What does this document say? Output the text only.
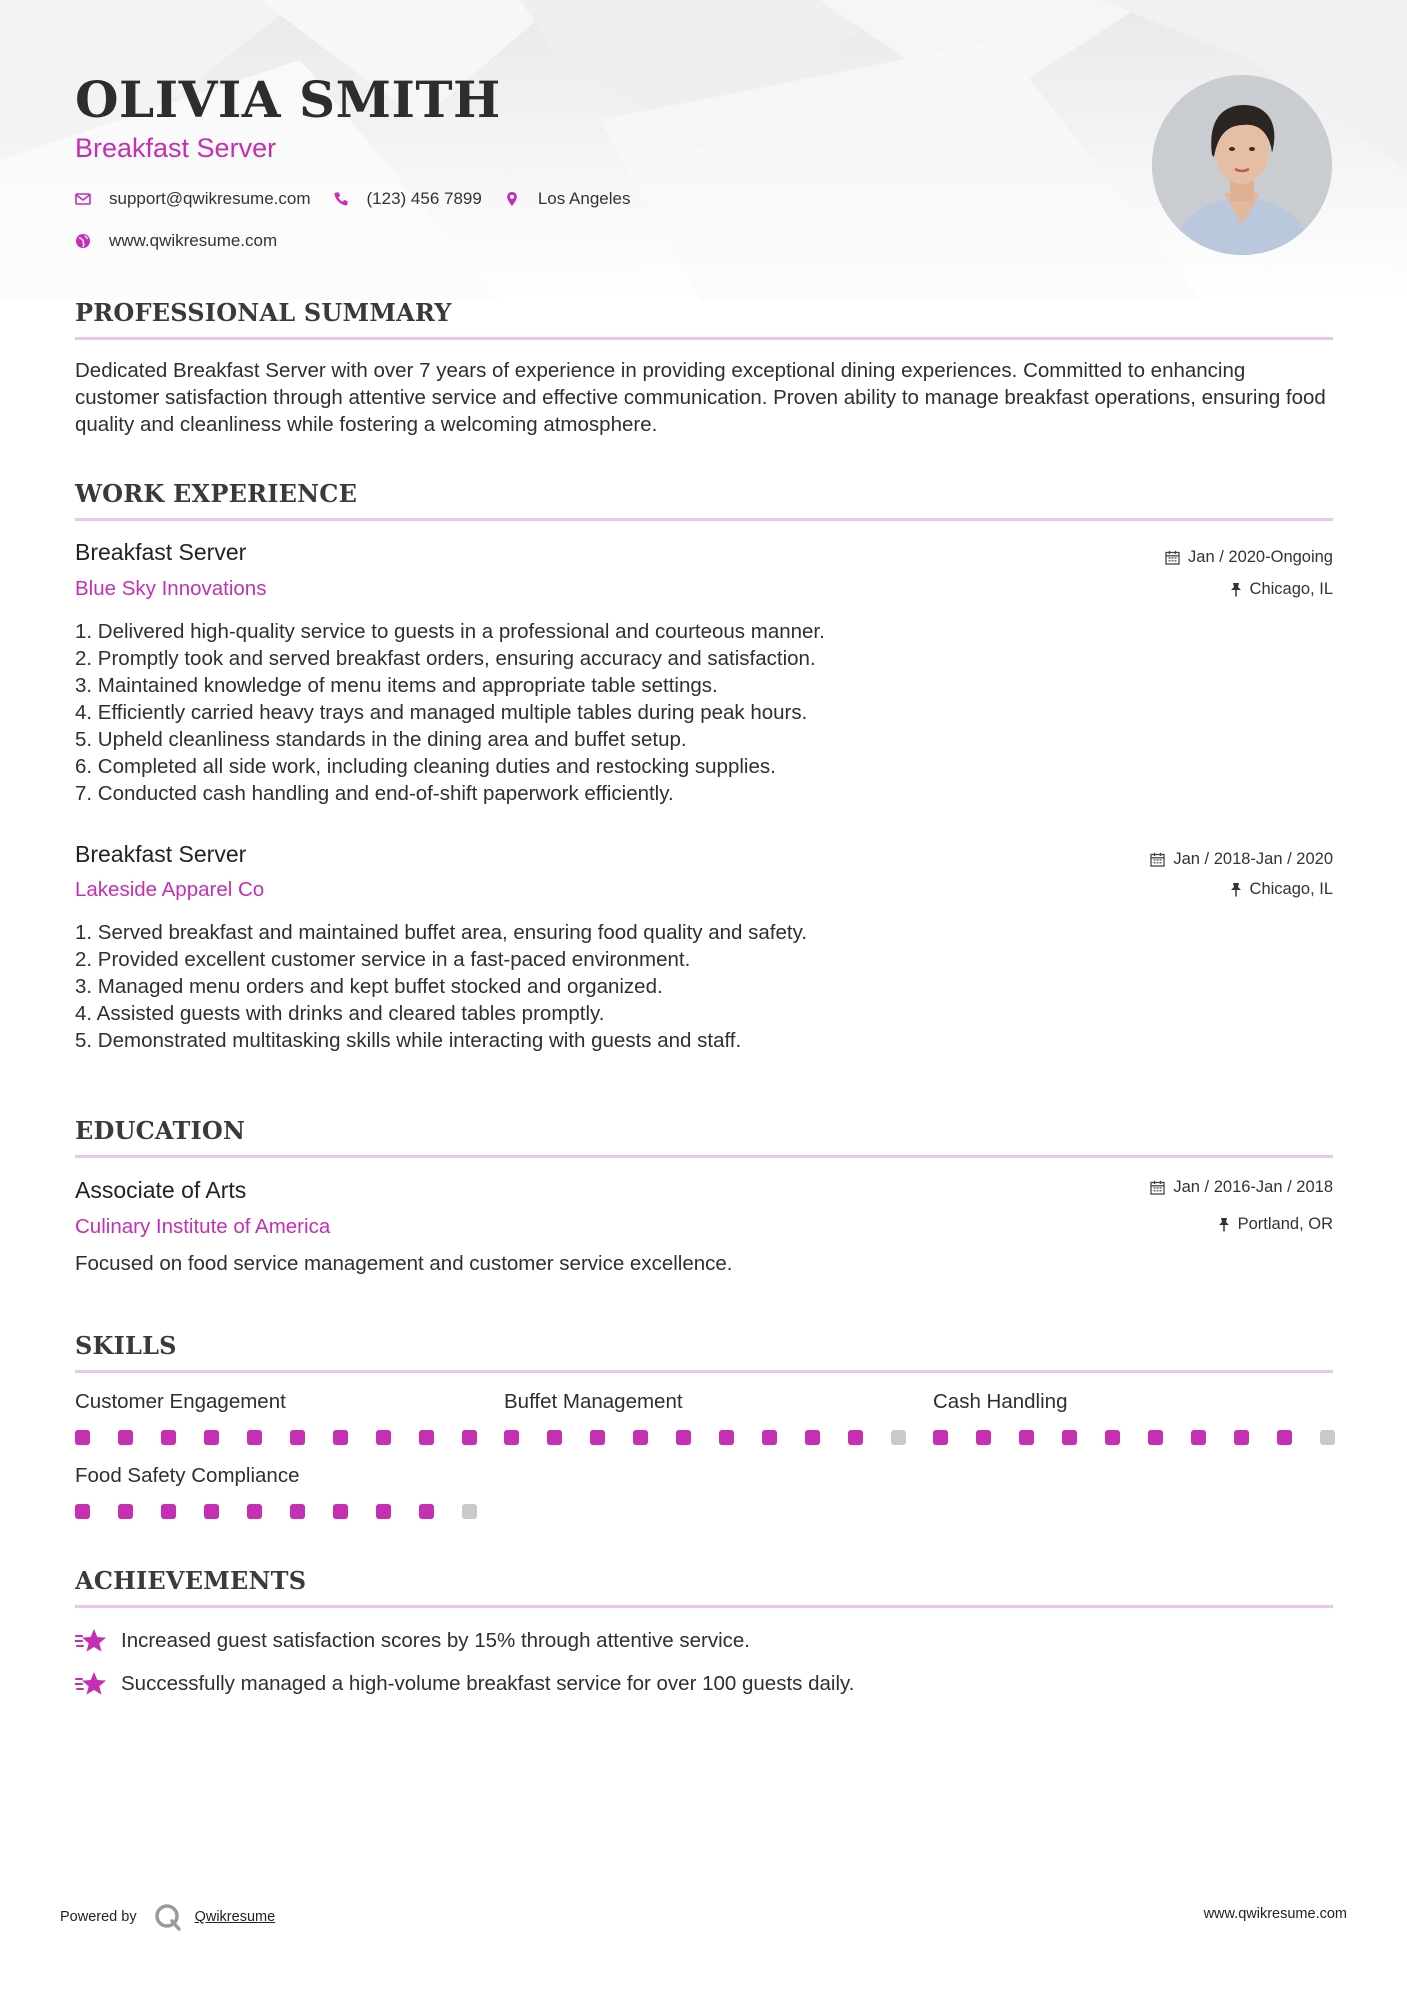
OLIVIA SMITH
Breakfast Server
support@qwikresume.com	(123) 456 7899	Los Angeles
www.qwikresume.com
PROFESSIONAL SUMMARY

Dedicated Breakfast Server with over 7 years of experience in providing exceptional dining experiences. Committed to enhancing customer satisfaction through attentive service and effective communication. Proven ability to manage breakfast operations, ensuring food quality and cleanliness while fostering a welcoming atmosphere.

WORK EXPERIENCE
Breakfast Server
Blue Sky Innovations
Jan / 2020-Ongoing
Chicago, IL
1. Delivered high-quality service to guests in a professional and courteous manner.
2. Promptly took and served breakfast orders, ensuring accuracy and satisfaction.
3. Maintained knowledge of menu items and appropriate table settings.
4. Efficiently carried heavy trays and managed multiple tables during peak hours.
5. Upheld cleanliness standards in the dining area and buffet setup.
6. Completed all side work, including cleaning duties and restocking supplies.
7. Conducted cash handling and end-of-shift paperwork efficiently.
Breakfast Server
Lakeside Apparel Co
Jan / 2018-Jan / 2020
Chicago, IL
1. Served breakfast and maintained buffet area, ensuring food quality and safety.
2. Provided excellent customer service in a fast-paced environment.
3. Managed menu orders and kept buffet stocked and organized.
4. Assisted guests with drinks and cleared tables promptly.
5. Demonstrated multitasking skills while interacting with guests and staff.
EDUCATION
Associate of Arts
Culinary Institute of America
Jan / 2016-Jan / 2018
Portland, OR
Focused on food service management and customer service excellence.
SKILLS
Customer Engagement	Buffet Management	Cash Handling
Food Safety Compliance
ACHIEVEMENTS
Increased guest satisfaction scores by 15% through attentive service.
Successfully managed a high-volume breakfast service for over 100 guests daily.
Powered by	Qwikresume	www.qwikresume.com
